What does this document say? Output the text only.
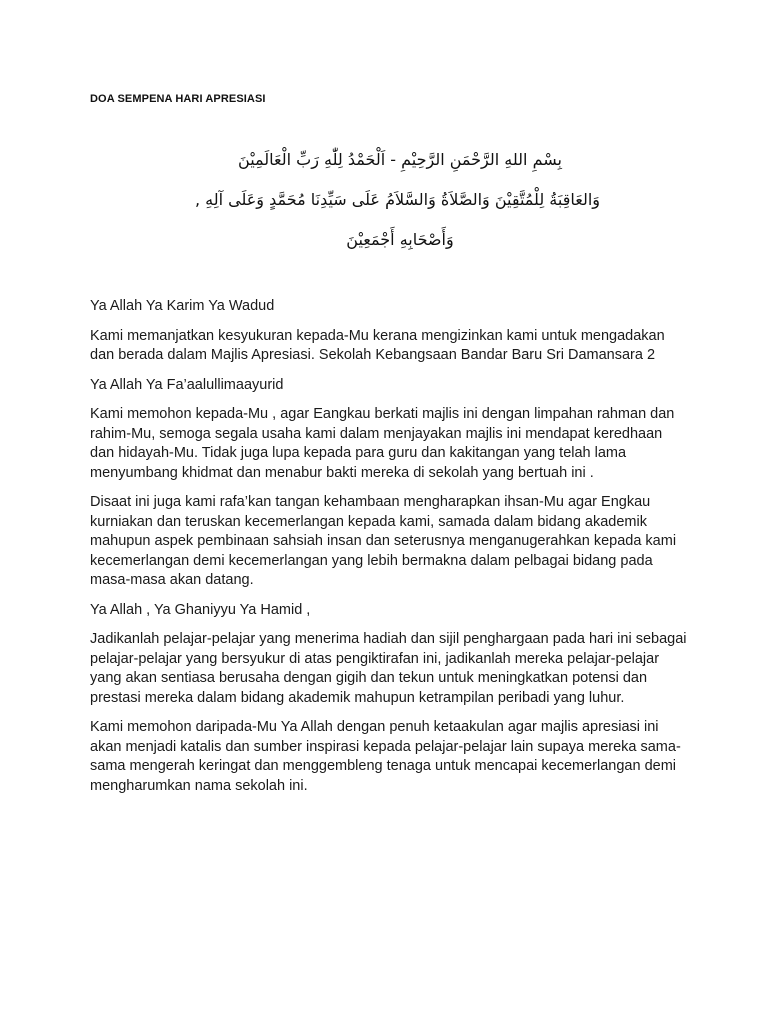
DOA SEMPENA HARI APRESIASI

بِسْمِ اللهِ الرَّحْمَنِ الرَّحِيْمِ - اَلْحَمْدُ لِلّٰهِ رَبِّ الْعَالَمِيْنَ

وَالعَاقِبَةُ لِلْمُتَّقِيْنَ وَالصَّلاَةُ وَالسَّلاَمُ عَلَى سَيِّدِنَا مُحَمَّدٍ وَعَلَى آلِهِ ,

وَأَصْحَابِهِ أَجْمَعِيْنَ

Ya Allah Ya Karim Ya Wadud

Kami memanjatkan kesyukuran kepada-Mu kerana mengizinkan kami untuk mengadakan dan berada dalam Majlis Apresiasi. Sekolah Kebangsaan Bandar Baru Sri Damansara 2

Ya Allah Ya Fa’aalullimaayurid

Kami memohon kepada-Mu , agar Eangkau berkati majlis ini dengan limpahan rahman dan rahim-Mu, semoga segala usaha kami dalam menjayakan majlis ini mendapat keredhaan dan hidayah-Mu. Tidak juga lupa kepada para guru dan kakitangan yang telah lama menyumbang khidmat dan menabur bakti mereka di sekolah yang bertuah ini .

Disaat ini juga kami rafa’kan tangan kehambaan mengharapkan ihsan-Mu agar Engkau kurniakan dan teruskan kecemerlangan kepada kami, samada dalam bidang akademik mahupun aspek pembinaan sahsiah insan dan seterusnya menganugerahkan kepada kami kecemerlangan demi kecemerlangan yang lebih bermakna dalam pelbagai bidang pada masa-masa akan datang.

Ya Allah , Ya Ghaniyyu Ya Hamid ,

Jadikanlah pelajar-pelajar yang menerima hadiah dan sijil penghargaan pada hari ini sebagai pelajar-pelajar yang bersyukur di atas pengiktirafan ini, jadikanlah mereka pelajar-pelajar yang akan sentiasa berusaha dengan gigih dan tekun untuk meningkatkan potensi dan prestasi mereka dalam bidang akademik mahupun ketrampilan peribadi yang luhur.

Kami memohon daripada-Mu Ya Allah dengan penuh ketaakulan agar majlis apresiasi ini akan menjadi katalis dan sumber inspirasi kepada pelajar-pelajar lain supaya mereka sama-sama mengerah keringat dan menggembleng tenaga untuk mencapai kecemerlangan demi mengharumkan nama sekolah ini.
